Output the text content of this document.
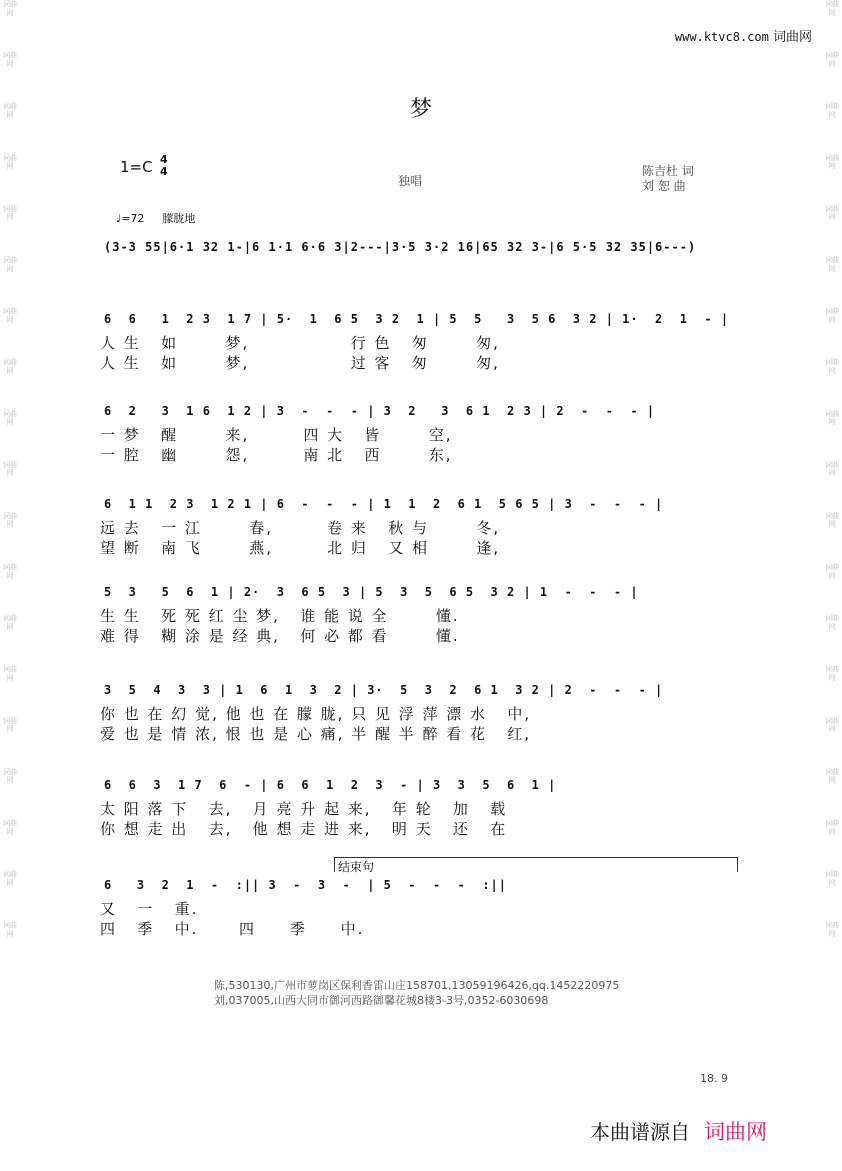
词曲网
词曲网
词曲网
词曲网
词曲网
词曲网
词曲网
词曲网
词曲网
词曲网
词曲网
词曲网
词曲网
词曲网
词曲网
词曲网
词曲网
词曲网
词曲网
词曲网
词曲网
词曲网
词曲网
词曲网
词曲网
词曲网
词曲网
词曲网
词曲网
词曲网
词曲网
词曲网
词曲网
词曲网
词曲网
词曲网
词曲网
词曲网
www.ktvc8.com 词曲网
梦
1=C 4
4
独唱
陈吉杜 词
刘 恕 曲
♩=72 朦胧地
(3-3 55|6·1 32 1-|6 1·1 6·6 3|2---|3·5 3·2 16|65 32 3-|6 5·5 32 35|6---)
6  6   1  2 3  1 7 | 5·  1  6 5  3 2  1 | 5  5   3  5 6  3 2 | 1·  2  1  - |
人 生   如       梦,               行 色   匆       匆,
人 生   如       梦,               过 客   匆       匆,
6  2   3  1 6  1 2 | 3  -  -  - | 3  2   3  6 1  2 3 | 2  -  -  - |
一 梦   醒       来,        四 大   皆       空,
一 腔   幽       怨,        南 北   西       东,
6  1 1  2 3  1 2 1 | 6  -  -  - | 1  1  2  6 1  5 6 5 | 3  -  -  - |
远 去   一 江       春,        卷 来   秋 与       冬,
望 断   南 飞       燕,        北 归   又 相       逢,
5  3   5  6  1 | 2·  3  6 5  3 | 5  3  5  6 5  3 2 | 1  -  -  - |
生 生   死 死 红 尘 梦,   谁 能 说 全       懂.
难 得   糊 涂 是 经 典,   何 必 都 看       懂.
3  5  4  3  3 | 1  6  1  3  2 | 3·  5  3  2  6 1  3 2 | 2  -  -  - |
你 也 在 幻 觉, 他 也 在 朦 胧, 只 见 浮 萍 漂 水   中,
爱 也 是 情 浓, 恨 也 是 心 痛, 半 醒 半 醉 看 花   红,
6  6  3  1 7  6  - | 6  6  1  2  3  - | 3  3  5  6  1 |
太 阳 落 下   去,   月 亮 升 起 来,   年 轮   加   载
你 想 走 出   去,   他 想 走 进 来,   明 天   还   在
6   3  2  1  -  :|| 3  -  3  -  | 5  -  -  -  :||
又   一   重.
四   季   中.      四     季     中.
结束句
陈,530130,广州市萝岗区保利香雷山庄158701,13059196426,qq.1452220975
刘,037005,山西大同市御河西路御馨花城8楼3-3号,0352-6030698
18. 9
本曲谱源自 词曲网
